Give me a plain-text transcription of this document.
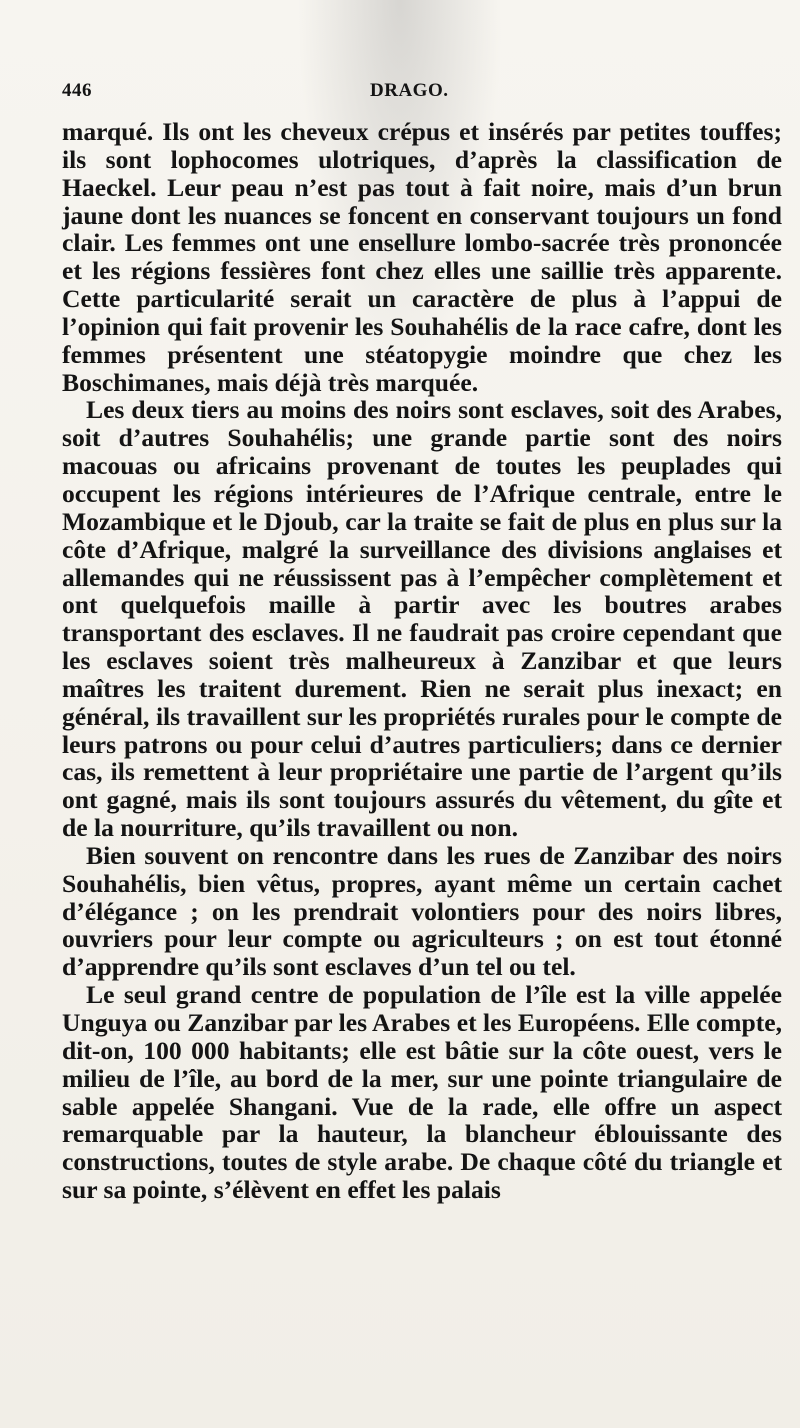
446	DRAGO.

marqué. Ils ont les cheveux crépus et insérés par petites touffes; ils sont lophocomes ulotriques, d’après la classification de Haeckel. Leur peau n’est pas tout à fait noire, mais d’un brun jaune dont les nuances se foncent en conservant toujours un fond clair. Les femmes ont une ensellure lombo-sacrée très prononcée et les régions fessières font chez elles une saillie très apparente. Cette particularité serait un caractère de plus à l’appui de l’opinion qui fait provenir les Souhahélis de la race cafre, dont les femmes présentent une stéatopygie moindre que chez les Boschimanes, mais déjà très marquée.

Les deux tiers au moins des noirs sont esclaves, soit des Arabes, soit d’autres Souhahélis; une grande partie sont des noirs macouas ou africains provenant de toutes les peuplades qui occupent les régions intérieures de l’Afrique centrale, entre le Mozambique et le Djoub, car la traite se fait de plus en plus sur la côte d’Afrique, malgré la surveillance des divisions anglaises et allemandes qui ne réussissent pas à l’empêcher complètement et ont quelquefois maille à partir avec les boutres arabes transportant des esclaves. Il ne faudrait pas croire cependant que les esclaves soient très malheureux à Zanzibar et que leurs maîtres les traitent durement. Rien ne serait plus inexact; en général, ils travaillent sur les propriétés rurales pour le compte de leurs patrons ou pour celui d’autres particuliers; dans ce dernier cas, ils remettent à leur propriétaire une partie de l’argent qu’ils ont gagné, mais ils sont toujours assurés du vêtement, du gîte et de la nourriture, qu’ils travaillent ou non.

Bien souvent on rencontre dans les rues de Zanzibar des noirs Souhahélis, bien vêtus, propres, ayant même un certain cachet d’élégance ; on les prendrait volontiers pour des noirs libres, ouvriers pour leur compte ou agriculteurs ; on est tout étonné d’apprendre qu’ils sont esclaves d’un tel ou tel.

Le seul grand centre de population de l’île est la ville appelée Unguya ou Zanzibar par les Arabes et les Européens. Elle compte, dit-on, 100 000 habitants; elle est bâtie sur la côte ouest, vers le milieu de l’île, au bord de la mer, sur une pointe triangulaire de sable appelée Shangani. Vue de la rade, elle offre un aspect remarquable par la hauteur, la blancheur éblouissante des constructions, toutes de style arabe. De chaque côté du triangle et sur sa pointe, s’élèvent en effet les palais
